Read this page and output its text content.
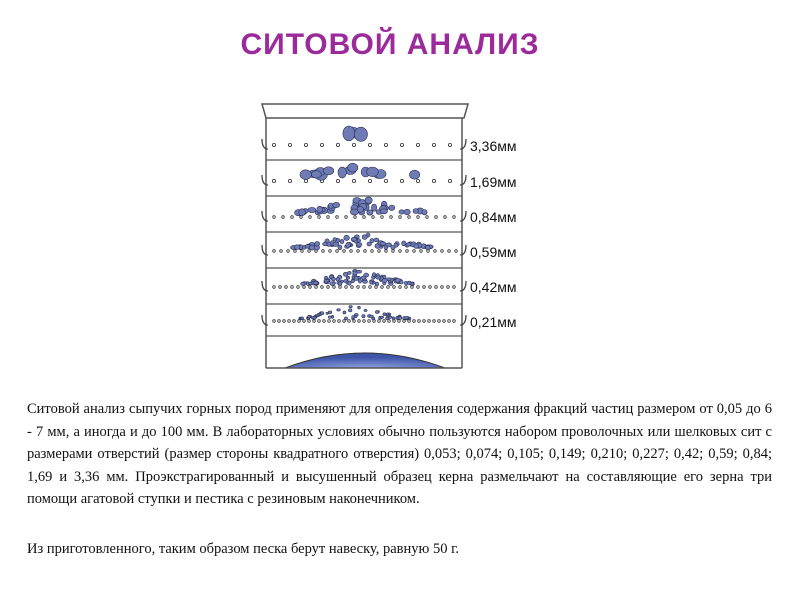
СИТОВОЙ АНАЛИЗ
3,36мм
1,69мм
0,84мм
0,59мм
0,42мм
0,21мм

Ситовой анализ сыпучих горных пород применяют для определения содержания фракций частиц размером от 0,05 до 6 - 7 мм, а иногда и до 100 мм. В лабораторных условиях обычно пользуются набором проволочных или шелковых сит с размерами отверстий (размер стороны квадратного отверстия) 0,053; 0,074; 0,105; 0,149; 0,210; 0,227; 0,42; 0,59; 0,84; 1,69 и 3,36 мм. Проэкстрагированный и высушенный образец керна размельчают на составляющие его зерна три помощи агатовой ступки и пестика с резиновым наконечником.

Из приготовленного, таким образом песка берут навеску, равную 50 г.
